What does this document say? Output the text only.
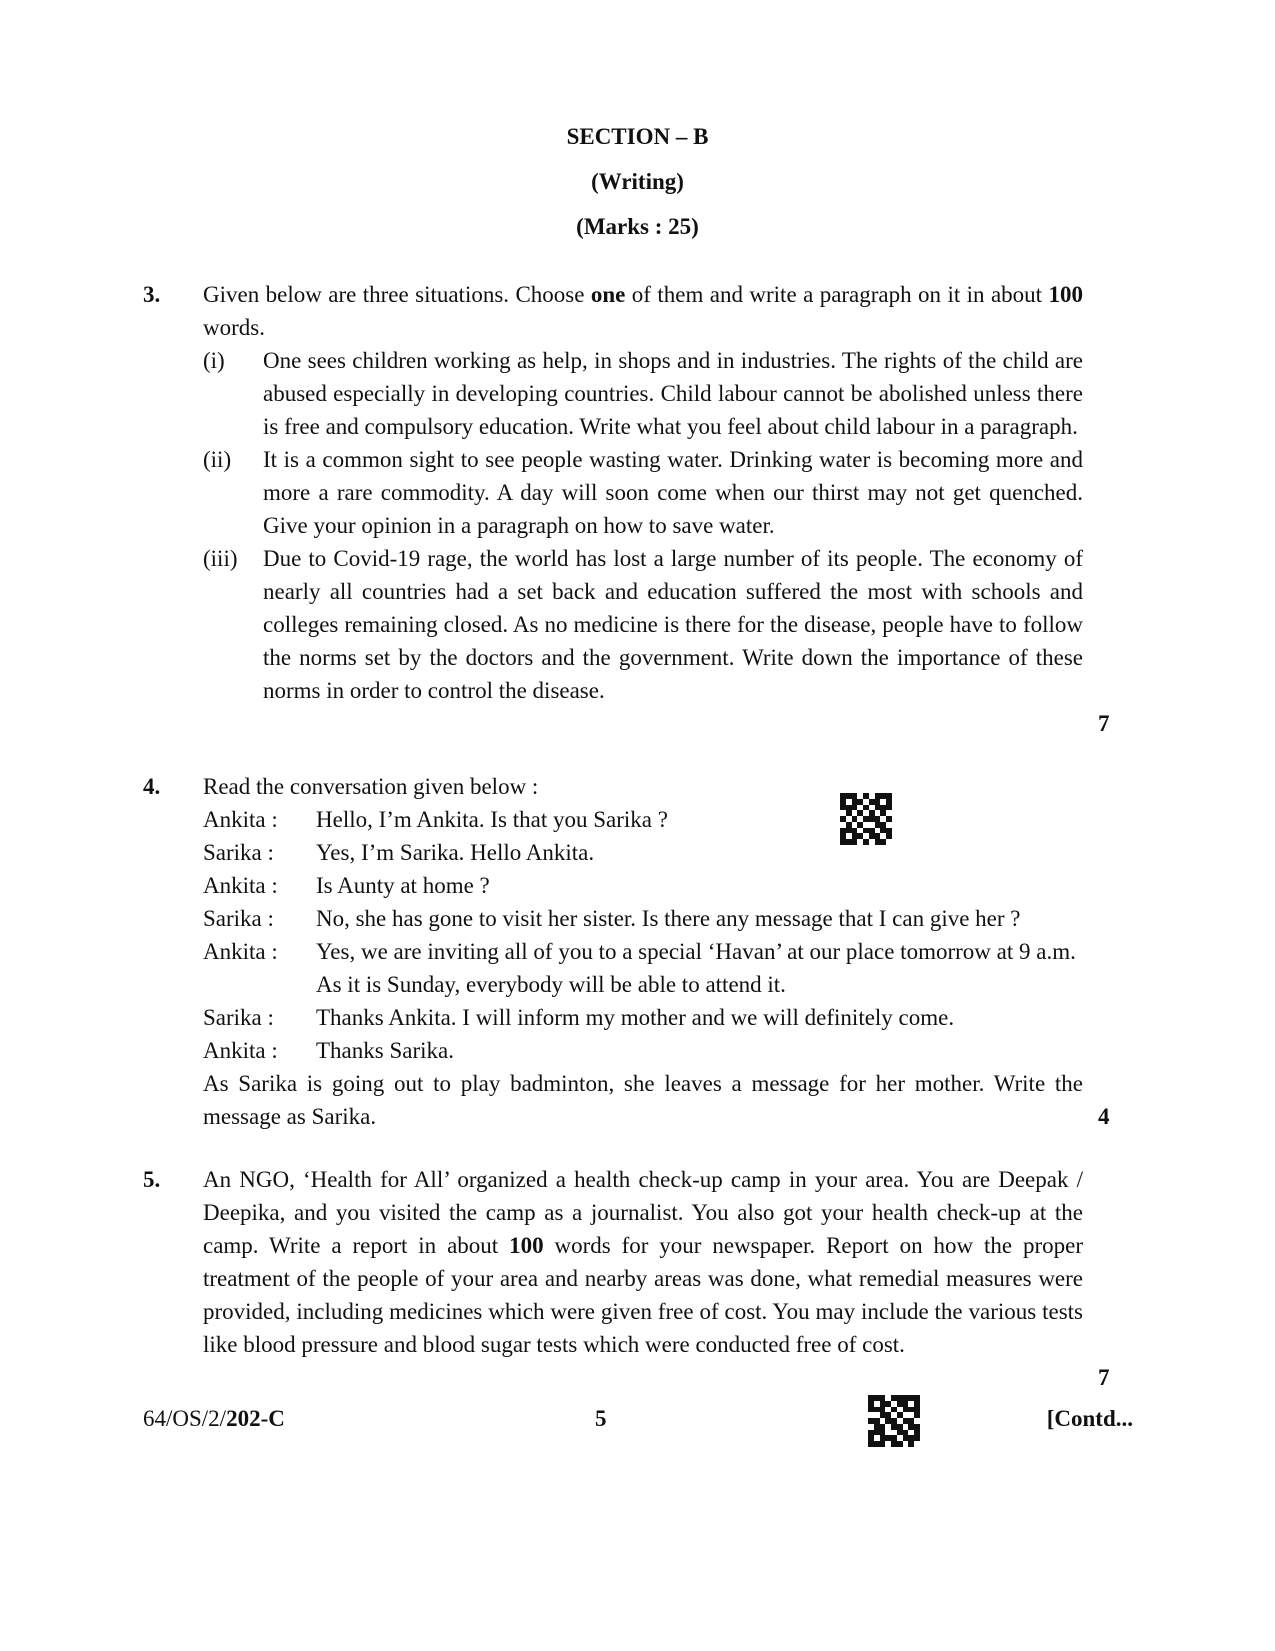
SECTION – B
(Writing)
(Marks : 25)
3. Given below are three situations. Choose one of them and write a paragraph on it in about 100 words.
(i) One sees children working as help, in shops and in industries. The rights of the child are abused especially in developing countries. Child labour cannot be abolished unless there is free and compulsory education. Write what you feel about child labour in a paragraph.
(ii) It is a common sight to see people wasting water. Drinking water is becoming more and more a rare commodity. A day will soon come when our thirst may not get quenched. Give your opinion in a paragraph on how to save water.
(iii) Due to Covid-19 rage, the world has lost a large number of its people. The economy of nearly all countries had a set back and education suffered the most with schools and colleges remaining closed. As no medicine is there for the disease, people have to follow the norms set by the doctors and the government. Write down the importance of these norms in order to control the disease.
7
4. Read the conversation given below :
Ankita :	Hello, I’m Ankita. Is that you Sarika ?
Sarika :	Yes, I’m Sarika. Hello Ankita.
Ankita :	Is Aunty at home ?
Sarika :	No, she has gone to visit her sister. Is there any message that I can give her ?
Ankita :	Yes, we are inviting all of you to a special ‘Havan’ at our place tomorrow at 9 a.m. As it is Sunday, everybody will be able to attend it.
Sarika :	Thanks Ankita. I will inform my mother and we will definitely come.
Ankita :	Thanks Sarika.
As Sarika is going out to play badminton, she leaves a message for her mother. Write the message as Sarika.	4
5. An NGO, ‘Health for All’ organized a health check-up camp in your area. You are Deepak / Deepika, and you visited the camp as a journalist. You also got your health check-up at the camp. Write a report in about 100 words for your newspaper. Report on how the proper treatment of the people of your area and nearby areas was done, what remedial measures were provided, including medicines which were given free of cost. You may include the various tests like blood pressure and blood sugar tests which were conducted free of cost.
7
64/OS/2/202-C	5	[Contd...
